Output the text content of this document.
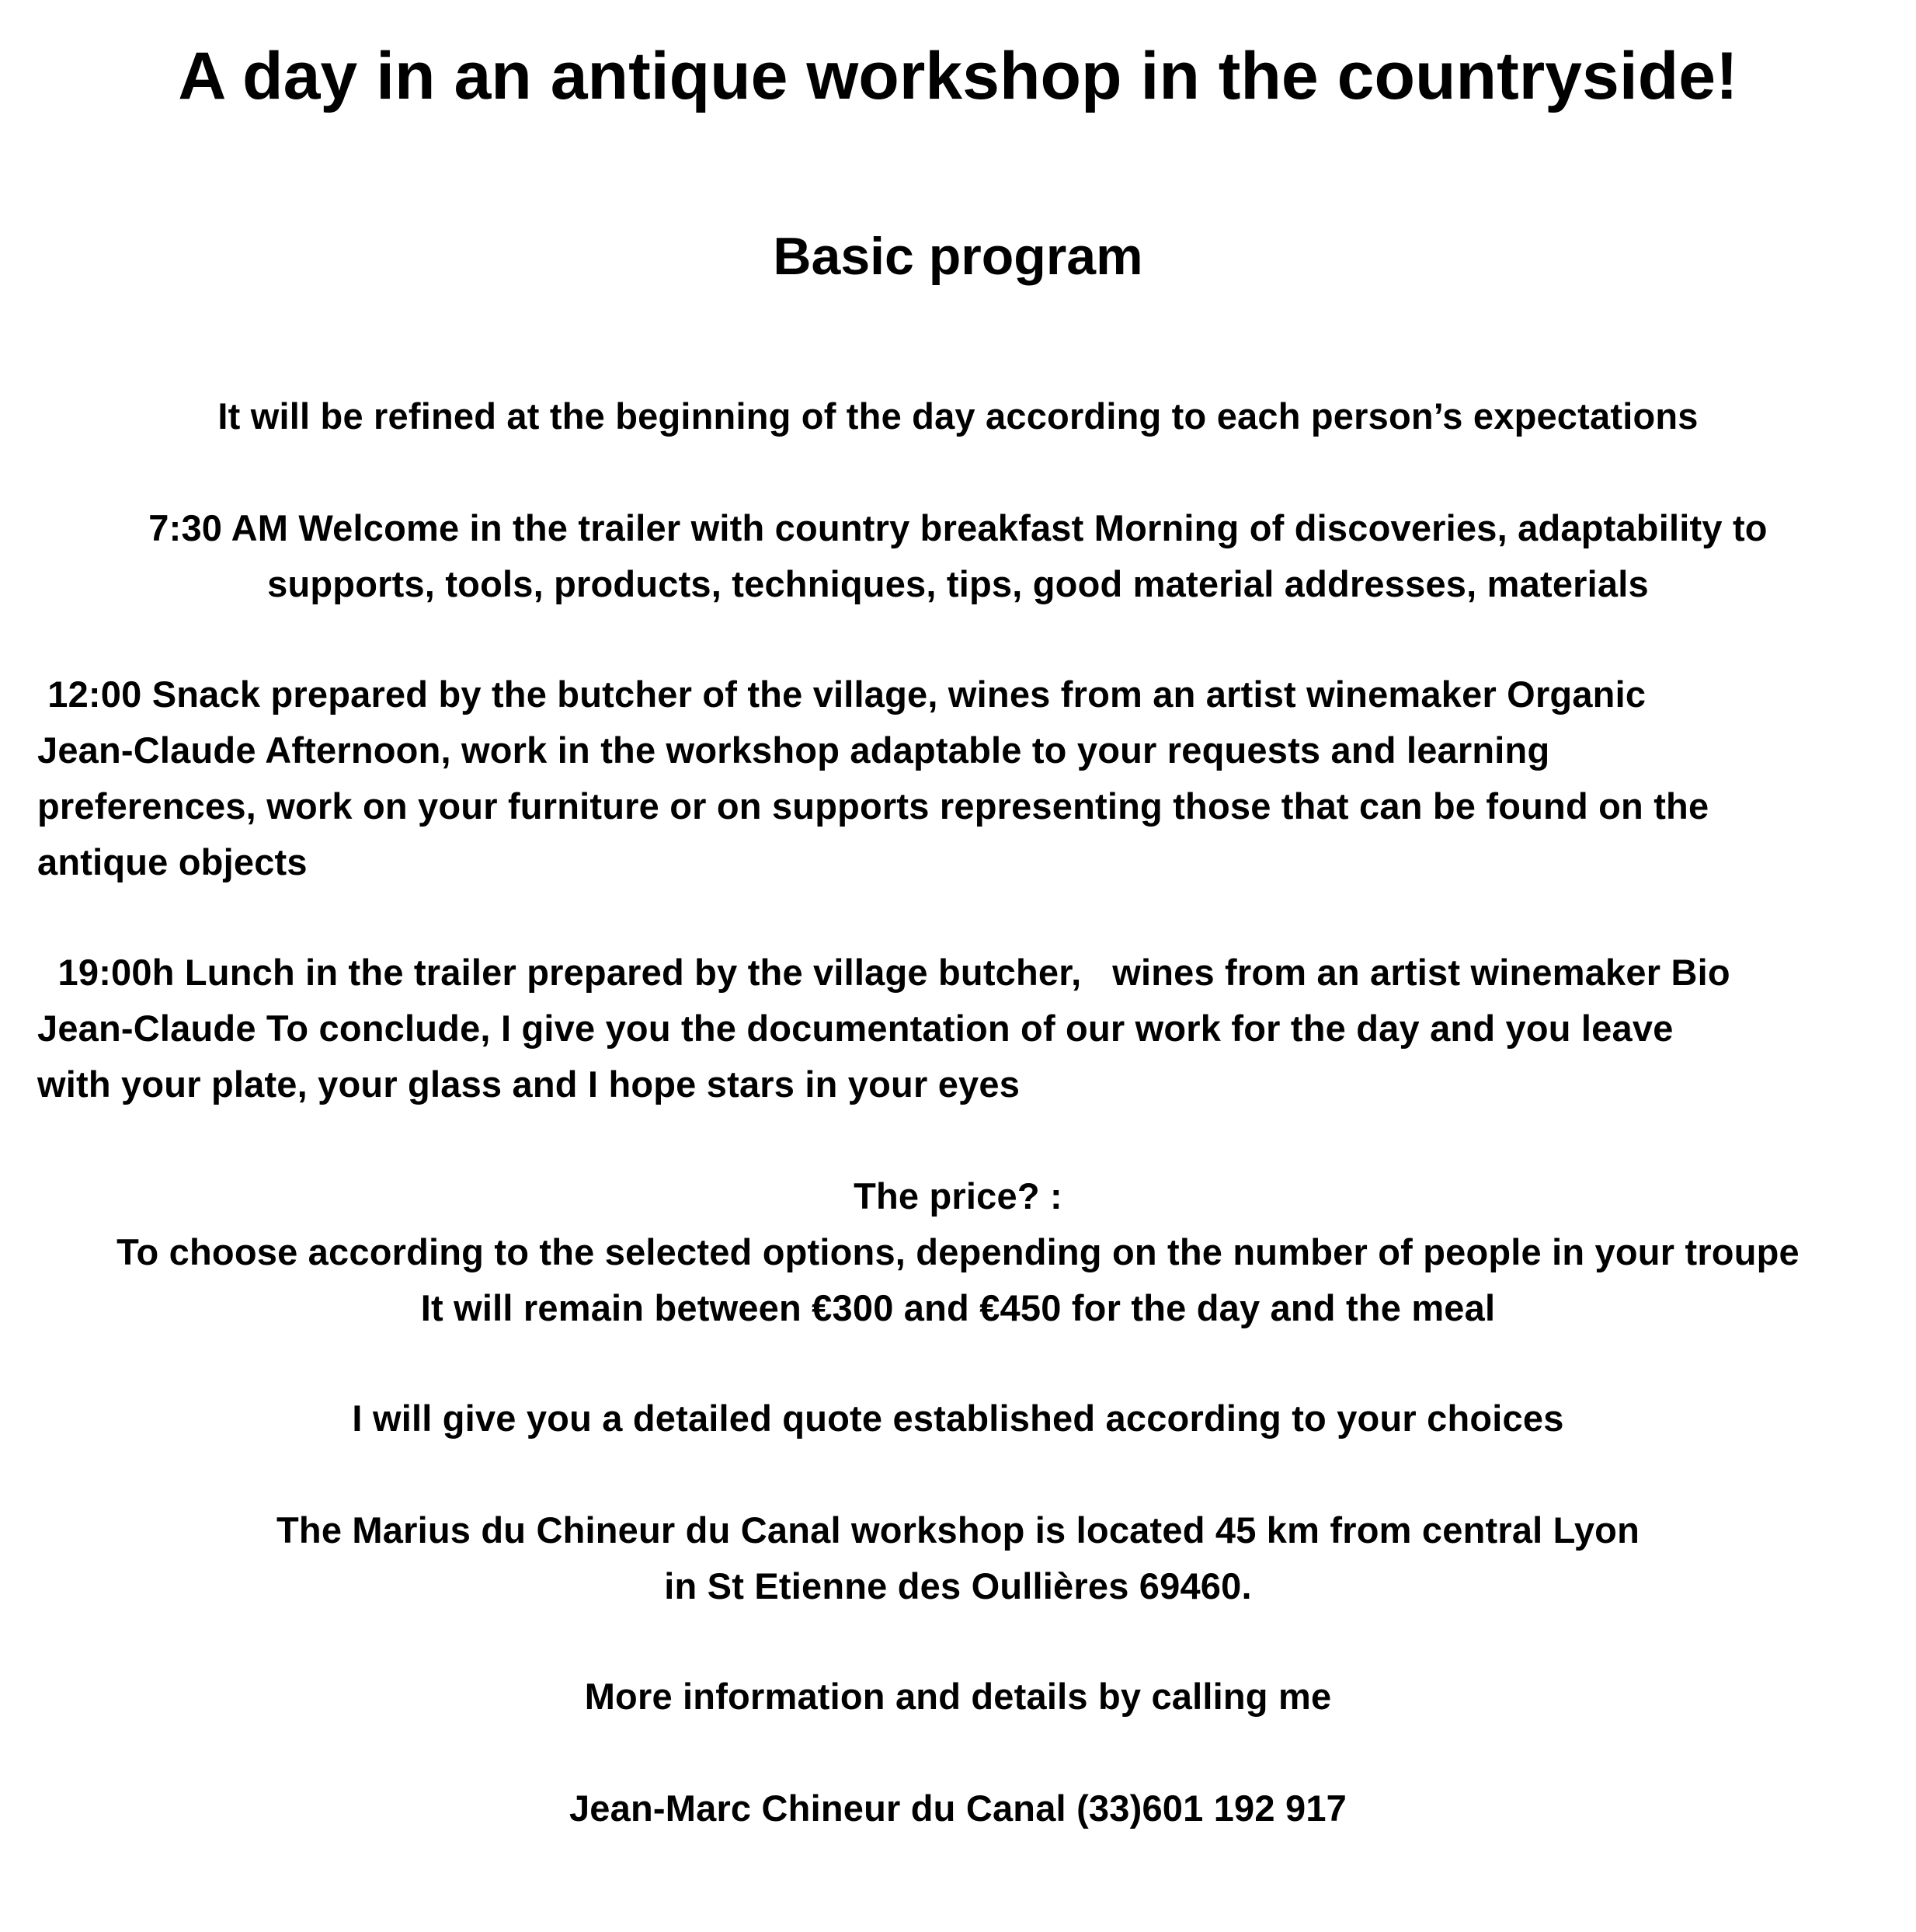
A day in an antique workshop in the countryside!
Basic program

It will be refined at the beginning of the day according to each person’s expectations

7:30 AM Welcome in the trailer with country breakfast Morning of discoveries, adaptability to

supports, tools, products, techniques, tips, good material addresses, materials

12:00 Snack prepared by the butcher of the village, wines from an artist winemaker Organic

Jean-Claude Afternoon, work in the workshop adaptable to your requests and learning

preferences, work on your furniture or on supports representing those that can be found on the

antique objects

19:00h Lunch in the trailer prepared by the village butcher,   wines from an artist winemaker Bio

Jean-Claude To conclude, I give you the documentation of our work for the day and you leave

with your plate, your glass and I hope stars in your eyes

The price? :

To choose according to the selected options, depending on the number of people in your troupe

It will remain between €300 and €450 for the day and the meal

I will give you a detailed quote established according to your choices

The Marius du Chineur du Canal workshop is located 45 km from central Lyon

in St Etienne des Oullières 69460.

More information and details by calling me

Jean-Marc Chineur du Canal (33)601 192 917
